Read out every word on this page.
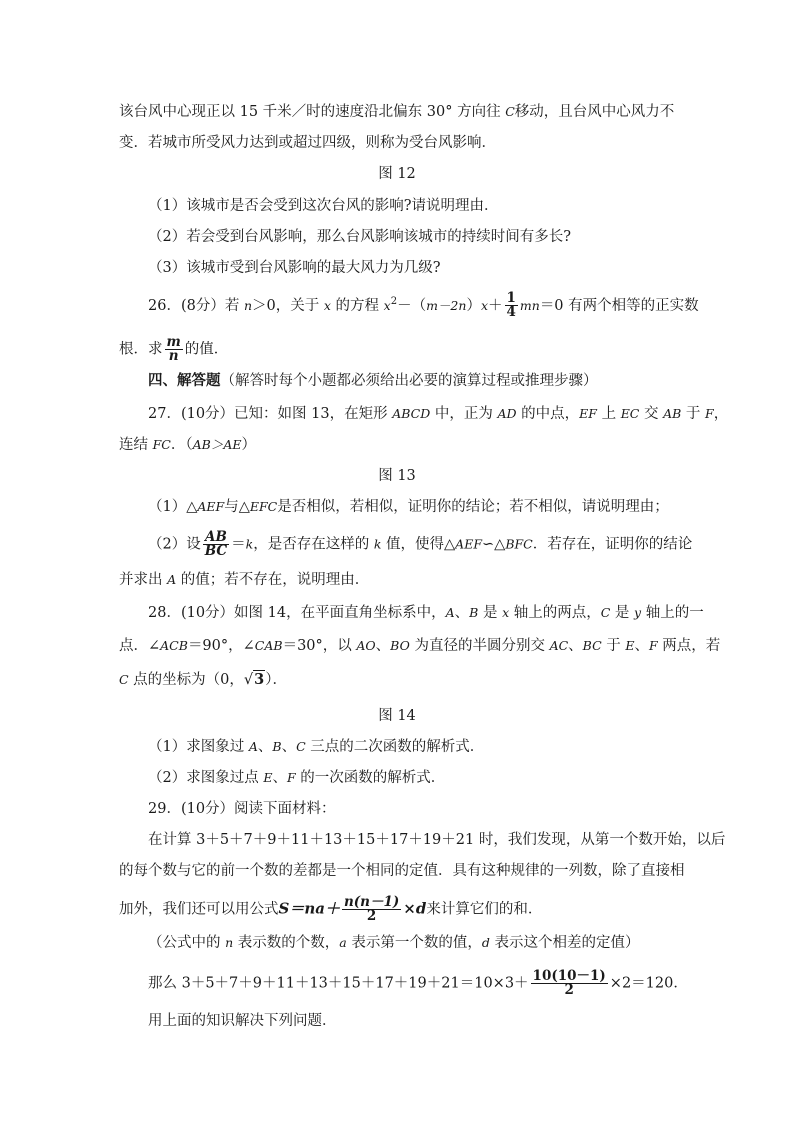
该台风中心现正以 15 千米／时的速度沿北偏东 30° 方向往 C移动，且台风中心风力不
变．若城市所受风力达到或超过四级，则称为受台风影响．
图 12
（1）该城市是否会受到这次台风的影响?请说明理由．
（2）若会受到台风影响，那么台风影响该城市的持续时间有多长?
（3）该城市受到台风影响的最大风力为几级?
26．(8分）若 n＞0，关于 x 的方程 $x^2-(m-2n)x+ \frac{1}{4} mn=0$ 有两个相等的正实数
根．求 $\frac{m}{n}$ 的值．
四、解答题（解答时每个小题都必须给出必要的演算过程或推理步骤）
27．(10分）已知：如图 13，在矩形 ABCD 中，正为 AD 的中点，EF 上 EC 交 AB 于 F，
连结 FC．（AB＞AE）
图 13
（1）△AEF与△EFC是否相似，若相似，证明你的结论；若不相似，请说明理由；
（2）设 $\frac{AB}{BC} =k$，是否存在这样的 k 值，使得△AEF∽△BFC．若存在，证明你的结论
并求出 A 的值；若不存在，说明理由．
28．(10分）如图 14，在平面直角坐标系中，A、B 是 x 轴上的两点，C 是 y 轴上的一
点．∠ACB＝90°，∠CAB＝30°，以 AO、BO 为直径的半圆分别交 AC、BC 于 E、F 两点，若
C 点的坐标为（0，√3）．
图 14
（1）求图象过 A、B、C 三点的二次函数的解析式．
（2）求图象过点 E、F 的一次函数的解析式．
29．(10分）阅读下面材料：
在计算 3＋5＋7＋9＋11＋13＋15＋17＋19＋21 时，我们发现，从第一个数开始，以后
的每个数与它的前一个数的差都是一个相同的定值．具有这种规律的一列数，除了直接相
加外，我们还可以用公式$S=na+ \frac{n(n-1)}{2} \times d$来计算它们的和．
（公式中的 n 表示数的个数，a 表示第一个数的值，d 表示这个相差的定值）
那么 $3+5+7+9+11+13+15+17+19+21=10\times 3+ \frac{10(10-1)}{2} \times 2=120$．
用上面的知识解决下列问题．
